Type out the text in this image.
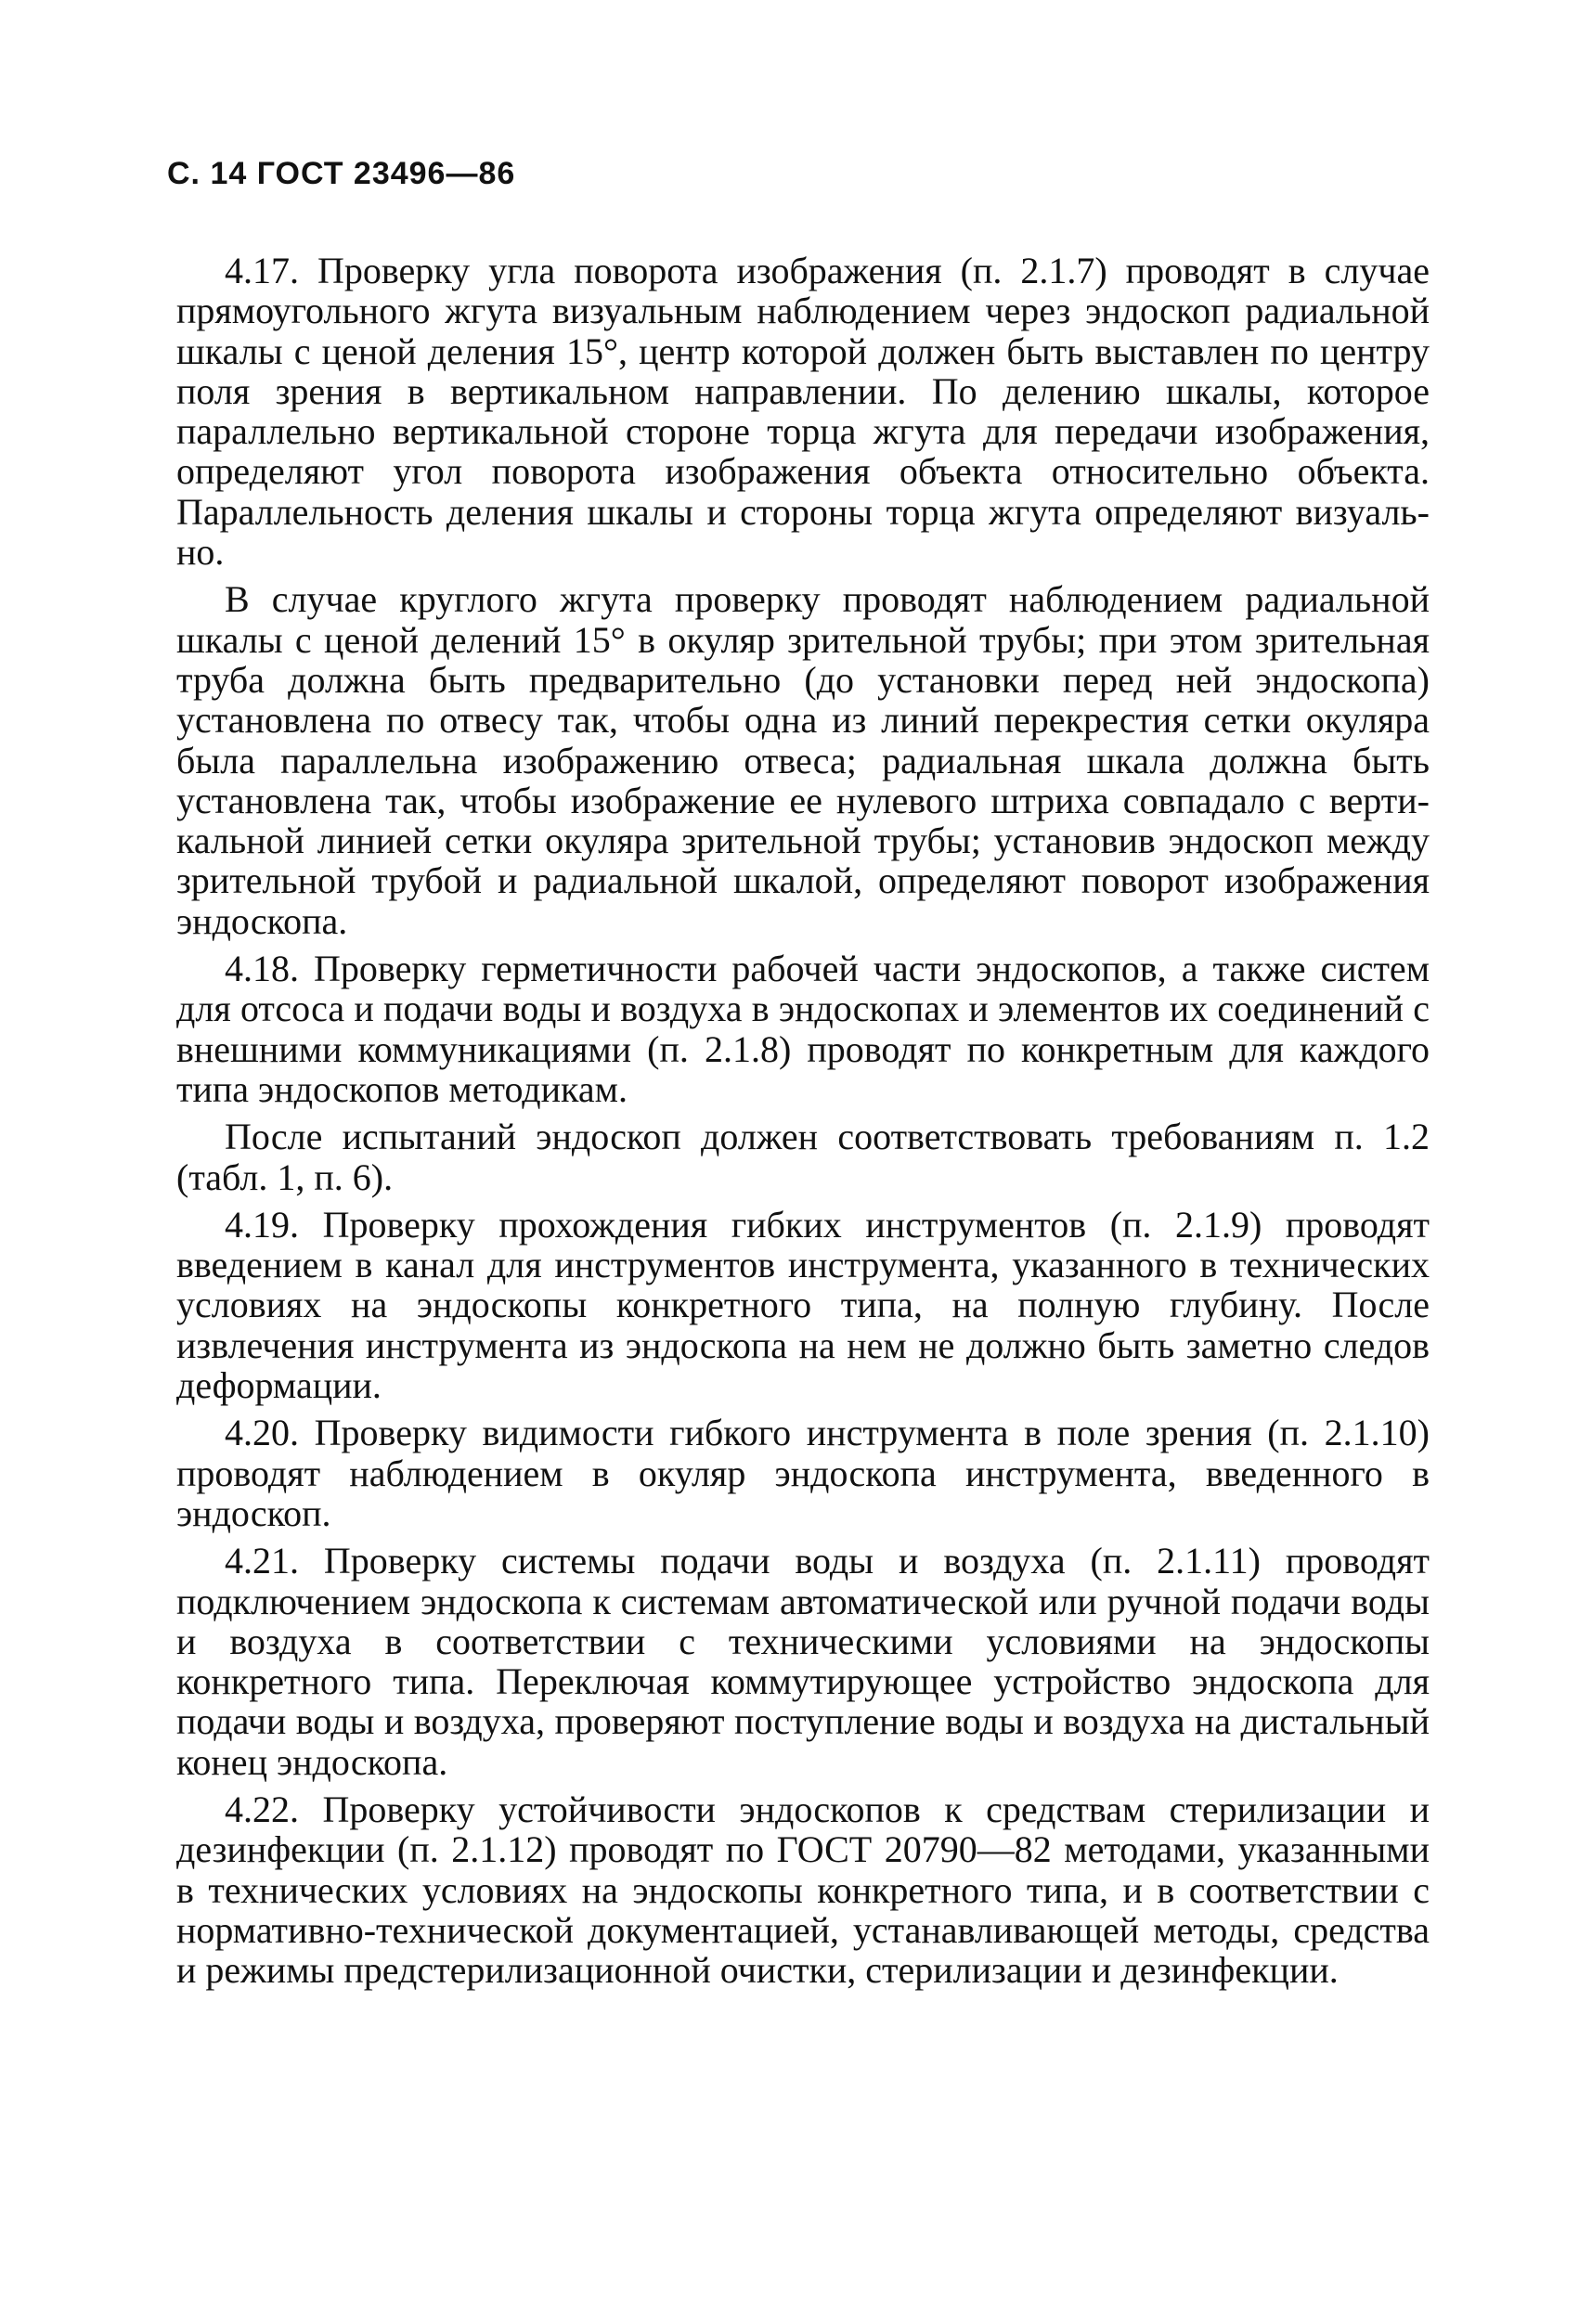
С. 14 ГОСТ 23496—86

4.17. Проверку угла поворота изображения (п. 2.1.7) проводят в случае прямоугольного жгута визуальным наблюдением через эндоскоп радиальной шкалы с ценой деления 15°, центр которой должен быть выставлен по центру поля зрения в вертикальном направлении. По делению шкалы, которое параллельно вертикальной стороне торца жгута для передачи изображения, определяют угол поворота изображения объекта относительно объекта. Параллельность деления шкалы и стороны торца жгута определяют визуально.

В случае круглого жгута проверку проводят наблюдением радиальной шкалы с ценой делений 15° в окуляр зрительной трубы; при этом зрительная труба должна быть предварительно (до установки перед ней эндоскопа) установлена по отвесу так, чтобы одна из линий перекрестия сетки окуляра была параллельна изображению отвеса; радиальная шкала должна быть установлена так, чтобы изображение ее нулевого штриха совпадало с вертикальной линией сетки окуляра зрительной трубы; установив эндоскоп между зрительной трубой и радиальной шкалой, определяют поворот изображения эндоскопа.

4.18. Проверку герметичности рабочей части эндоскопов, а также систем для отсоса и подачи воды и воздуха в эндоскопах и элементов их соединений с внешними коммуникациями (п. 2.1.8) проводят по конкретным для каждого типа эндоскопов методикам.

После испытаний эндоскоп должен соответствовать требованиям п. 1.2 (табл. 1, п. 6).

4.19. Проверку прохождения гибких инструментов (п. 2.1.9) проводят введением в канал для инструментов инструмента, указанного в технических условиях на эндоскопы конкретного типа, на полную глубину. После извлечения инструмента из эндоскопа на нем не должно быть заметно следов деформации.

4.20. Проверку видимости гибкого инструмента в поле зрения (п. 2.1.10) проводят наблюдением в окуляр эндоскопа инструмента, введенного в эндоскоп.

4.21. Проверку системы подачи воды и воздуха (п. 2.1.11) проводят подключением эндоскопа к системам автоматической или ручной подачи воды и воздуха в соответствии с техническими условиями на эндоскопы конкретного типа. Переключая коммутирующее устройство эндоскопа для подачи воды и воздуха, проверяют поступление воды и воздуха на дистальный конец эндоскопа.

4.22. Проверку устойчивости эндоскопов к средствам стерилизации и дезинфекции (п. 2.1.12) проводят по ГОСТ 20790—82 методами, указанными в технических условиях на эндоскопы конкретного типа, и в соответствии с нормативно-технической документацией, устанавливающей методы, средства и режимы предстерилизационной очистки, стерилизации и дезинфекции.
